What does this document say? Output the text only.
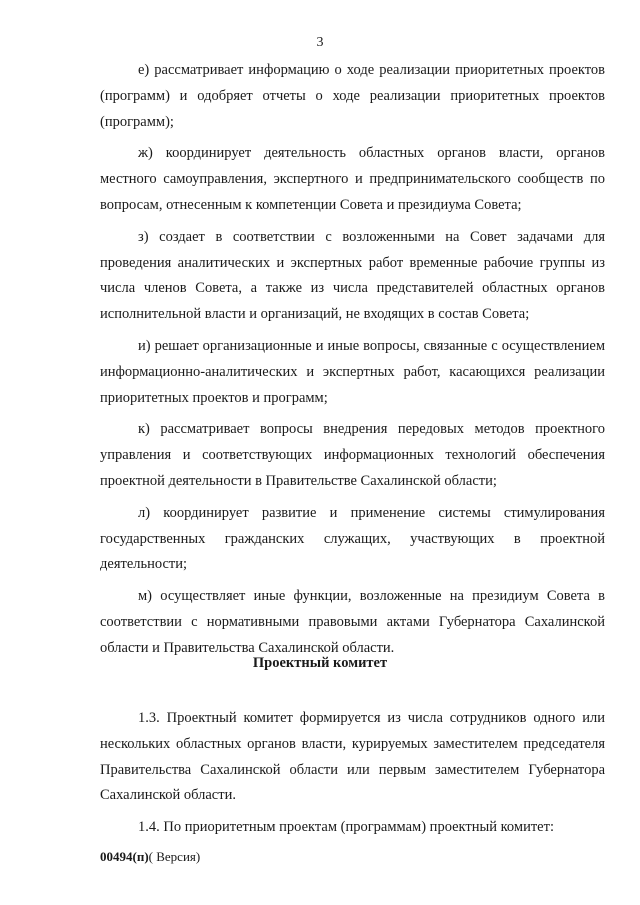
3

е) рассматривает информацию о ходе реализации приоритетных проектов (программ) и одобряет отчеты о ходе реализации приоритетных проектов (программ);

ж) координирует деятельность областных органов власти, органов местного самоуправления, экспертного и предпринимательского сообществ по вопросам, отнесенным к компетенции Совета и президиума Совета;

з) создает в соответствии с возложенными на Совет задачами для проведения аналитических и экспертных работ временные рабочие группы из числа членов Совета, а также из числа представителей областных органов исполнительной власти и организаций, не входящих в состав Совета;

и) решает организационные и иные вопросы, связанные с осуществлением информационно-аналитических и экспертных работ, касающихся реализации приоритетных проектов и программ;

к) рассматривает вопросы внедрения передовых методов проектного управления и соответствующих информационных технологий обеспечения проектной деятельности в Правительстве Сахалинской области;

л) координирует развитие и применение системы стимулирования государственных гражданских служащих, участвующих в проектной деятельности;

м) осуществляет иные функции, возложенные на президиум Совета в соответствии с нормативными правовыми актами Губернатора Сахалинской области и Правительства Сахалинской области.

Проектный комитет

1.3. Проектный комитет формируется из числа сотрудников одного или нескольких областных органов власти, курируемых заместителем председателя Правительства Сахалинской области или первым заместителем Губернатора Сахалинской области.

1.4. По приоритетным проектам (программам) проектный комитет:

00494(п)( Версия)
